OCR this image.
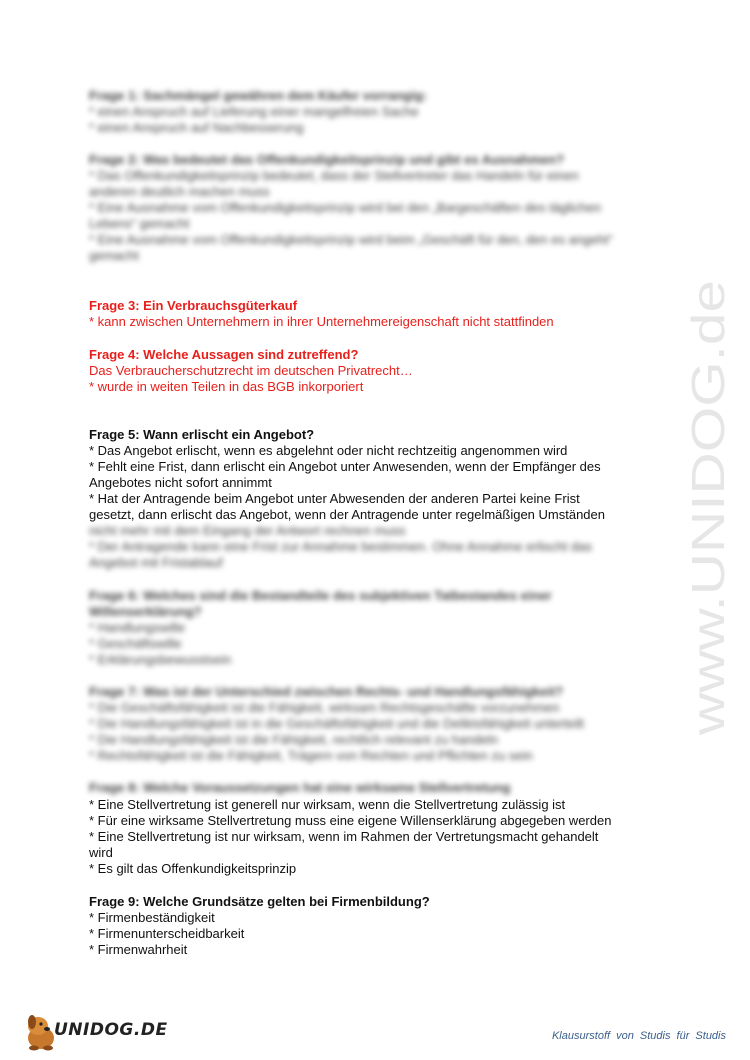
Frage 1: Sachmängel gewähren dem Käufer vorrangig:

* einen Anspruch auf Lieferung einer mangelfreien Sache

* einen Anspruch auf Nachbesserung

Frage 2: Was bedeutet das Offenkundigkeitsprinzip und gibt es Ausnahmen?

* Das Offenkundigkeitsprinzip bedeutet, dass der Stellvertreter das Handeln für einen

anderen deutlich machen muss

* Eine Ausnahme vom Offenkundigkeitsprinzip wird bei den „Bargeschäften des täglichen

Lebens“ gemacht

* Eine Ausnahme vom Offenkundigkeitsprinzip wird beim „Geschäft für den, den es angeht“

gemacht

Frage 3: Ein Verbrauchsgüterkauf

* kann zwischen Unternehmern in ihrer Unternehmereigenschaft nicht stattfinden

Frage 4: Welche Aussagen sind zutreffend?

Das Verbraucherschutzrecht im deutschen Privatrecht…

* wurde in weiten Teilen in das BGB inkorporiert

Frage 5: Wann erlischt ein Angebot?

* Das Angebot erlischt, wenn es abgelehnt oder nicht rechtzeitig angenommen wird

* Fehlt eine Frist, dann erlischt ein Angebot unter Anwesenden, wenn der Empfänger des

Angebotes nicht sofort annimmt

* Hat der Antragende beim Angebot unter Abwesenden der anderen Partei keine Frist

gesetzt, dann erlischt das Angebot, wenn der Antragende unter regelmäßigen Umständen

nicht mehr mit dem Eingang der Antwort rechnen muss

* Der Antragende kann eine Frist zur Annahme bestimmen. Ohne Annahme erlischt das

Angebot mit Fristablauf

Frage 6: Welches sind die Bestandteile des subjektiven Tatbestandes einer

Willenserklärung?

* Handlungswille

* Geschäftswille

* Erklärungsbewusstsein

Frage 7: Was ist der Unterschied zwischen Rechts- und Handlungsfähigkeit?

* Die Geschäftsfähigkeit ist die Fähigkeit, wirksam Rechtsgeschäfte vorzunehmen

* Die Handlungsfähigkeit ist in die Geschäftsfähigkeit und die Deliktsfähigkeit unterteilt

* Die Handlungsfähigkeit ist die Fähigkeit, rechtlich relevant zu handeln

* Rechtsfähigkeit ist die Fähigkeit, Trägern von Rechten und Pflichten zu sein

Frage 8: Welche Voraussetzungen hat eine wirksame Stellvertretung

* Eine Stellvertretung ist generell nur wirksam, wenn die Stellvertretung zulässig ist

* Für eine wirksame Stellvertretung muss eine eigene Willenserklärung abgegeben werden

* Eine Stellvertretung ist nur wirksam, wenn im Rahmen der Vertretungsmacht gehandelt

wird

* Es gilt das Offenkundigkeitsprinzip

Frage 9: Welche Grundsätze gelten bei Firmenbildung?

* Firmenbeständigkeit

* Firmenunterscheidbarkeit

* Firmenwahrheit

www.UNIDOG.de
UNIDOG.DE	Klausurstoff von Studis für Studis
